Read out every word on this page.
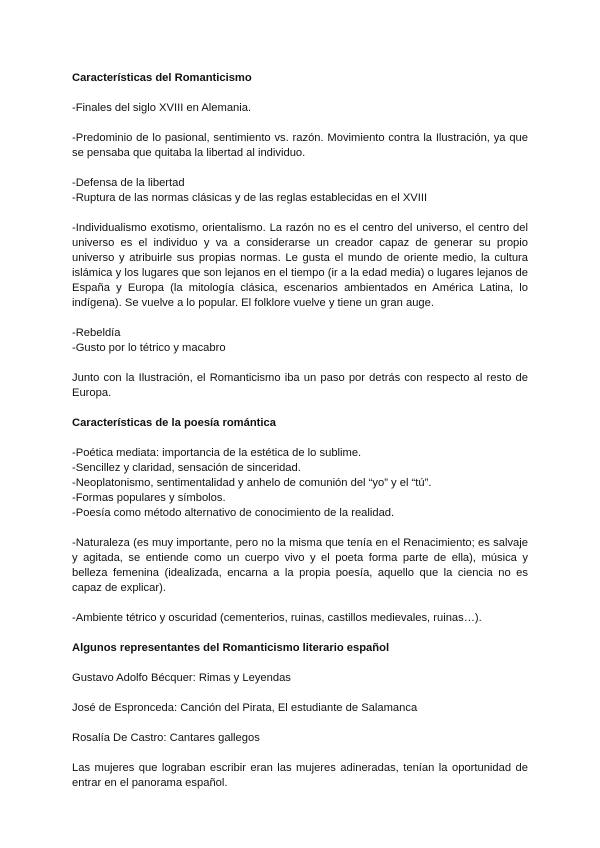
Características del Romanticismo
-Finales del siglo XVIII en Alemania.
-Predominio de lo pasional, sentimiento vs. razón. Movimiento contra la Ilustración, ya que se pensaba que quitaba la libertad al individuo.
-Defensa de la libertad
-Ruptura de las normas clásicas y de las reglas establecidas en el XVIII
-Individualismo exotismo, orientalismo. La razón no es el centro del universo, el centro del universo es el individuo y va a considerarse un creador capaz de generar su propio universo y atribuirle sus propias normas. Le gusta el mundo de oriente medio, la cultura islámica y los lugares que son lejanos en el tiempo (ir a la edad media) o lugares lejanos de España y Europa (la mitología clásica, escenarios ambientados en América Latina, lo indígena). Se vuelve a lo popular. El folklore vuelve y tiene un gran auge.
-Rebeldía
-Gusto por lo tétrico y macabro
Junto con la Ilustración, el Romanticismo iba un paso por detrás con respecto al resto de Europa.
Características de la poesía romántica
-Poética mediata: importancia de la estética de lo sublime.
-Sencillez y claridad, sensación de sinceridad.
-Neoplatonismo, sentimentalidad y anhelo de comunión del “yo” y el “tú”.
-Formas populares y símbolos.
-Poesía como método alternativo de conocimiento de la realidad.
-Naturaleza (es muy importante, pero no la misma que tenía en el Renacimiento; es salvaje y agitada, se entiende como un cuerpo vivo y el poeta forma parte de ella), música y belleza femenina (idealizada, encarna a la propia poesía, aquello que la ciencia no es capaz de explicar).
-Ambiente tétrico y oscuridad (cementerios, ruinas, castillos medievales, ruinas…).
Algunos representantes del Romanticismo literario español
Gustavo Adolfo Bécquer: Rimas y Leyendas
José de Espronceda: Canción del Pirata, El estudiante de Salamanca
Rosalía De Castro: Cantares gallegos
Las mujeres que lograban escribir eran las mujeres adineradas, tenían la oportunidad de entrar en el panorama español.
